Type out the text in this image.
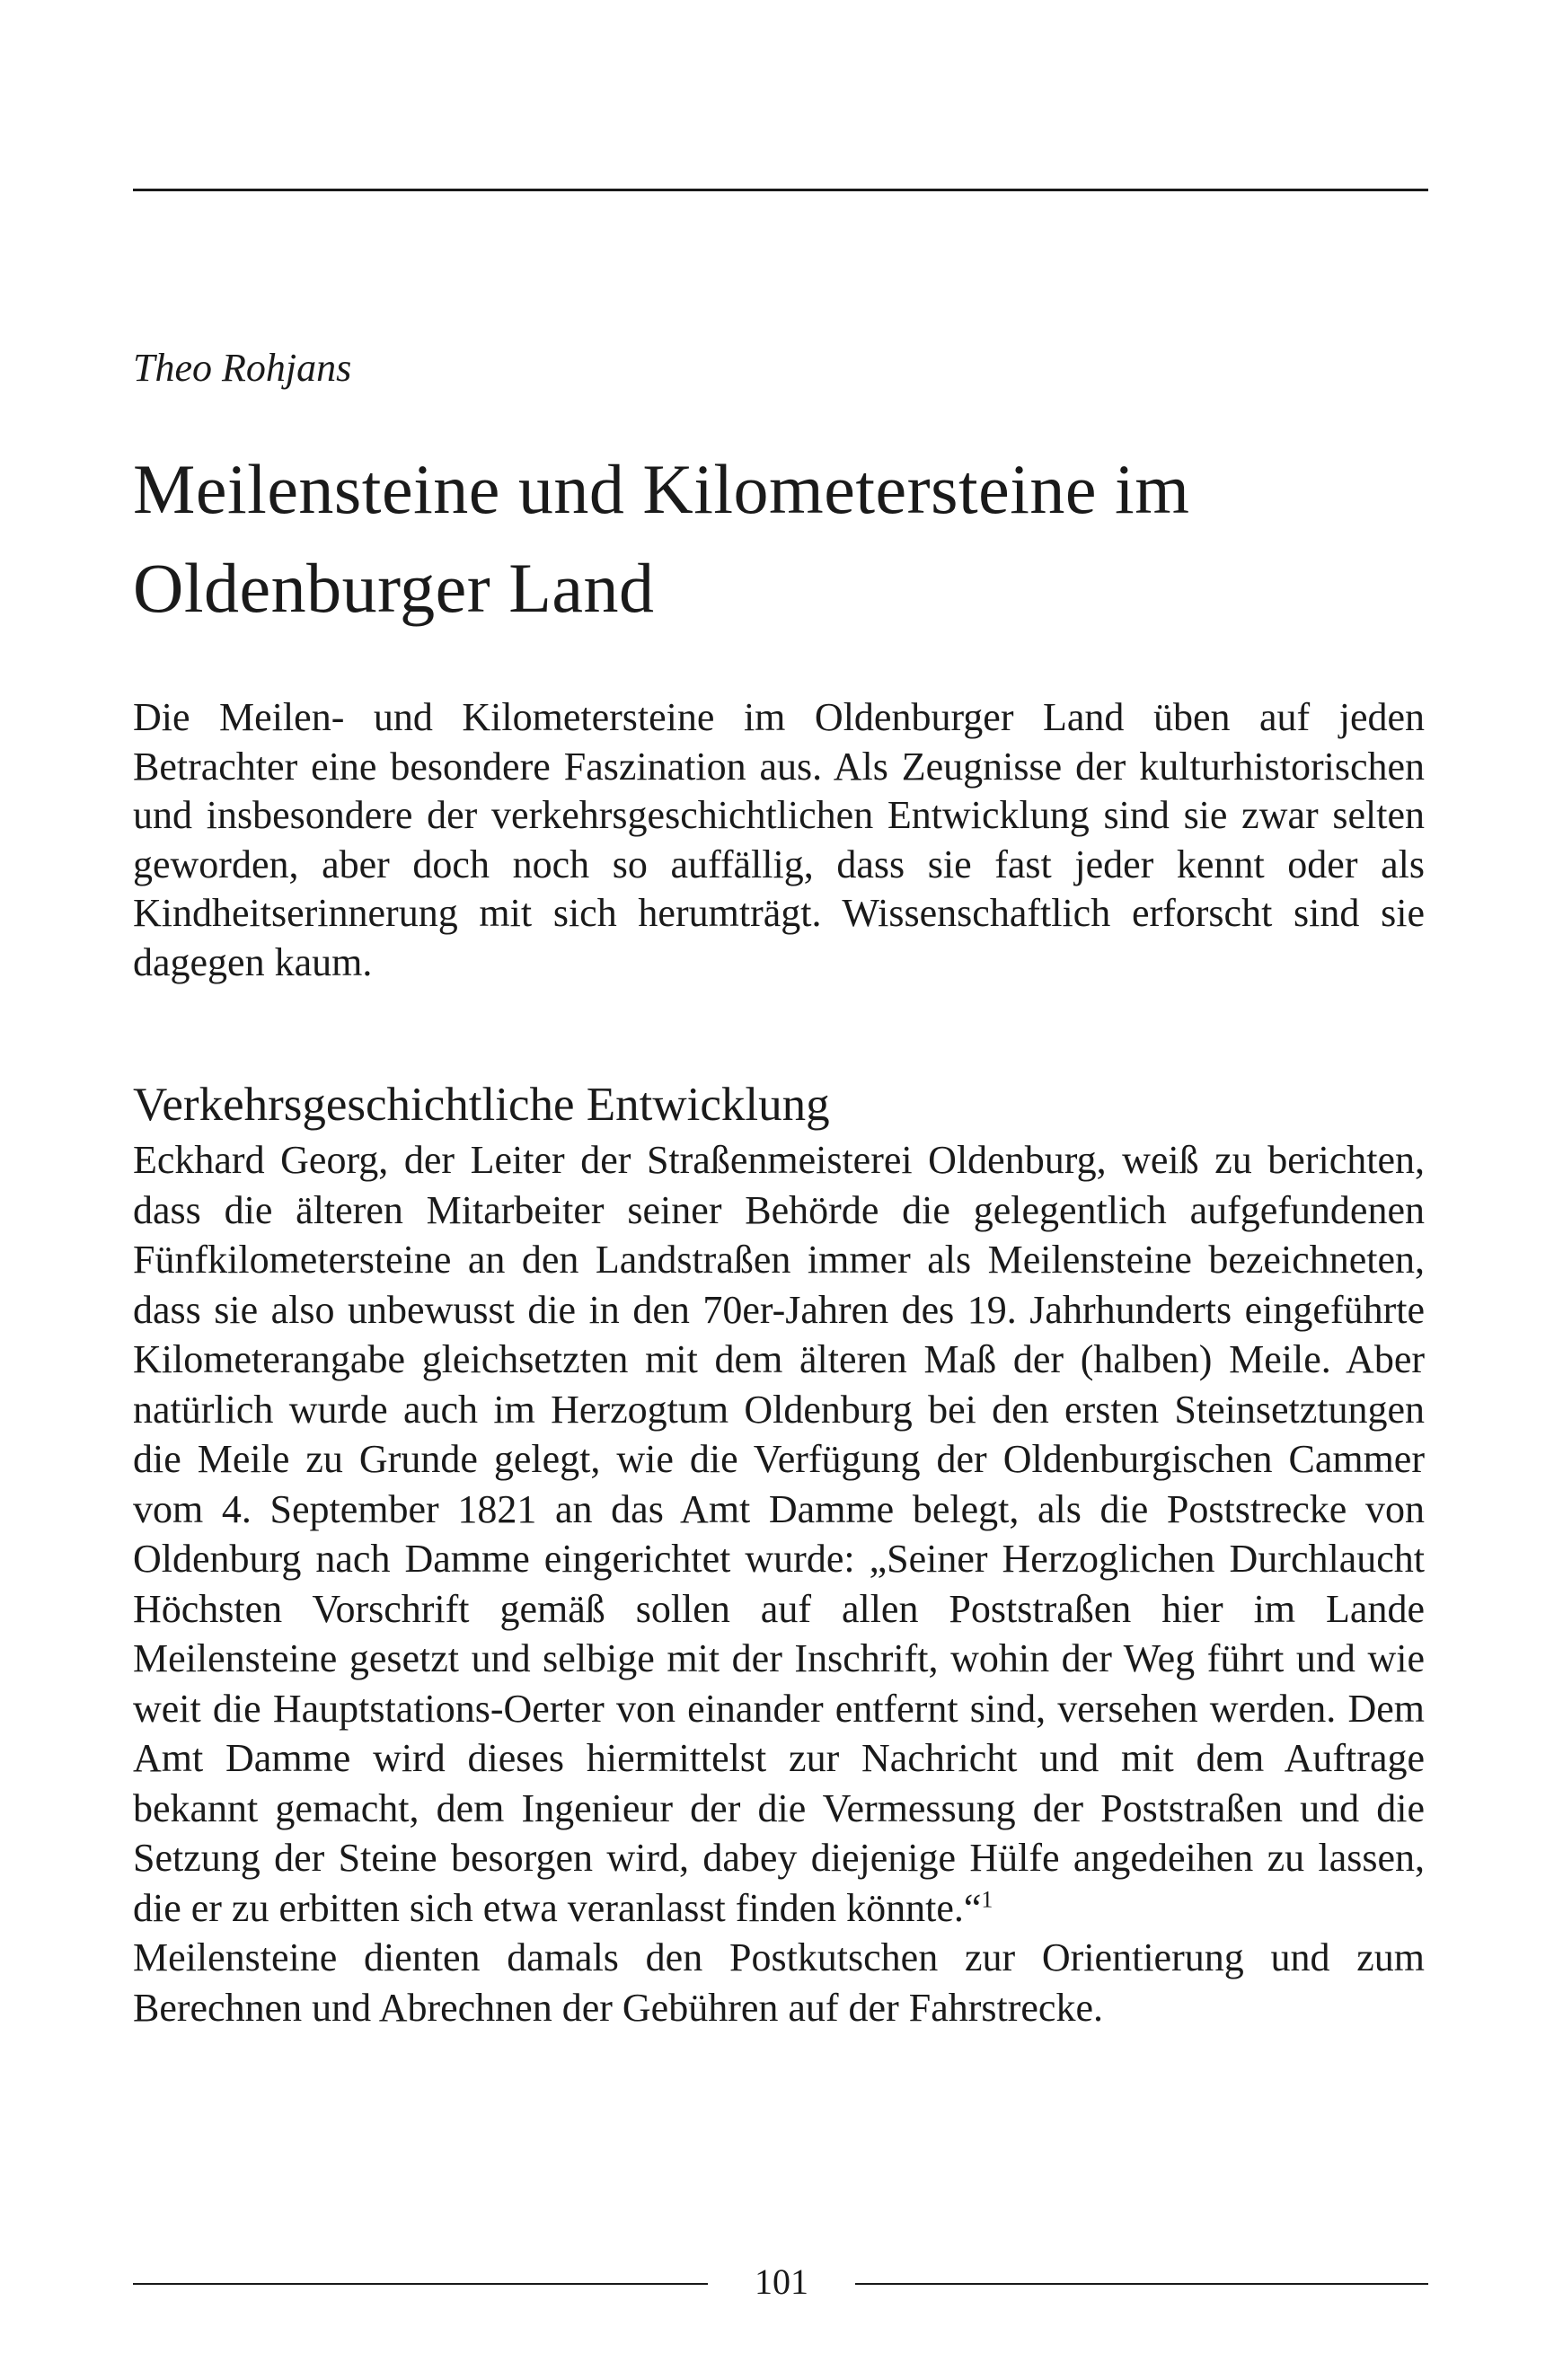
Theo Rohjans

Meilensteine und Kilometersteine im Oldenburger Land

Die Meilen- und Kilometersteine im Oldenburger Land üben auf jeden Betrachter eine besondere Faszination aus. Als Zeugnisse der kulturhistorischen und insbesondere der verkehrsgeschichtlichen Entwicklung sind sie zwar selten geworden, aber doch noch so auffällig, dass sie fast jeder kennt oder als Kindheitserinnerung mit sich herumträgt. Wissenschaftlich erforscht sind sie dagegen kaum.

Verkehrsgeschichtliche Entwicklung

Eckhard Georg, der Leiter der Straßenmeisterei Oldenburg, weiß zu berichten, dass die älteren Mitarbeiter seiner Behörde die gelegentlich aufgefundenen Fünfkilometersteine an den Landstraßen immer als Meilensteine bezeichneten, dass sie also unbewusst die in den 70er-Jahren des 19. Jahrhunderts eingeführte Kilometerangabe gleichsetzten mit dem älteren Maß der (halben) Meile. Aber natürlich wurde auch im Herzogtum Oldenburg bei den ersten Steinsetztungen die Meile zu Grunde gelegt, wie die Verfügung der Oldenburgischen Cammer vom 4. September 1821 an das Amt Damme belegt, als die Poststrecke von Oldenburg nach Damme eingerichtet wurde: „Seiner Herzoglichen Durchlaucht Höchsten Vorschrift gemäß sollen auf allen Poststraßen hier im Lande Meilensteine gesetzt und selbige mit der Inschrift, wohin der Weg führt und wie weit die Hauptstations-Oerter von einander entfernt sind, versehen werden. Dem Amt Damme wird dieses hiermittelst zur Nachricht und mit dem Auftrage bekannt gemacht, dem Ingenieur der die Vermessung der Poststraßen und die Setzung der Steine besorgen wird, dabey diejenige Hülfe angedeihen zu lassen, die er zu erbitten sich etwa veranlasst finden könnte.“$^1$

Meilensteine dienten damals den Postkutschen zur Orientierung und zum Berechnen und Abrechnen der Gebühren auf der Fahrstrecke.

101
